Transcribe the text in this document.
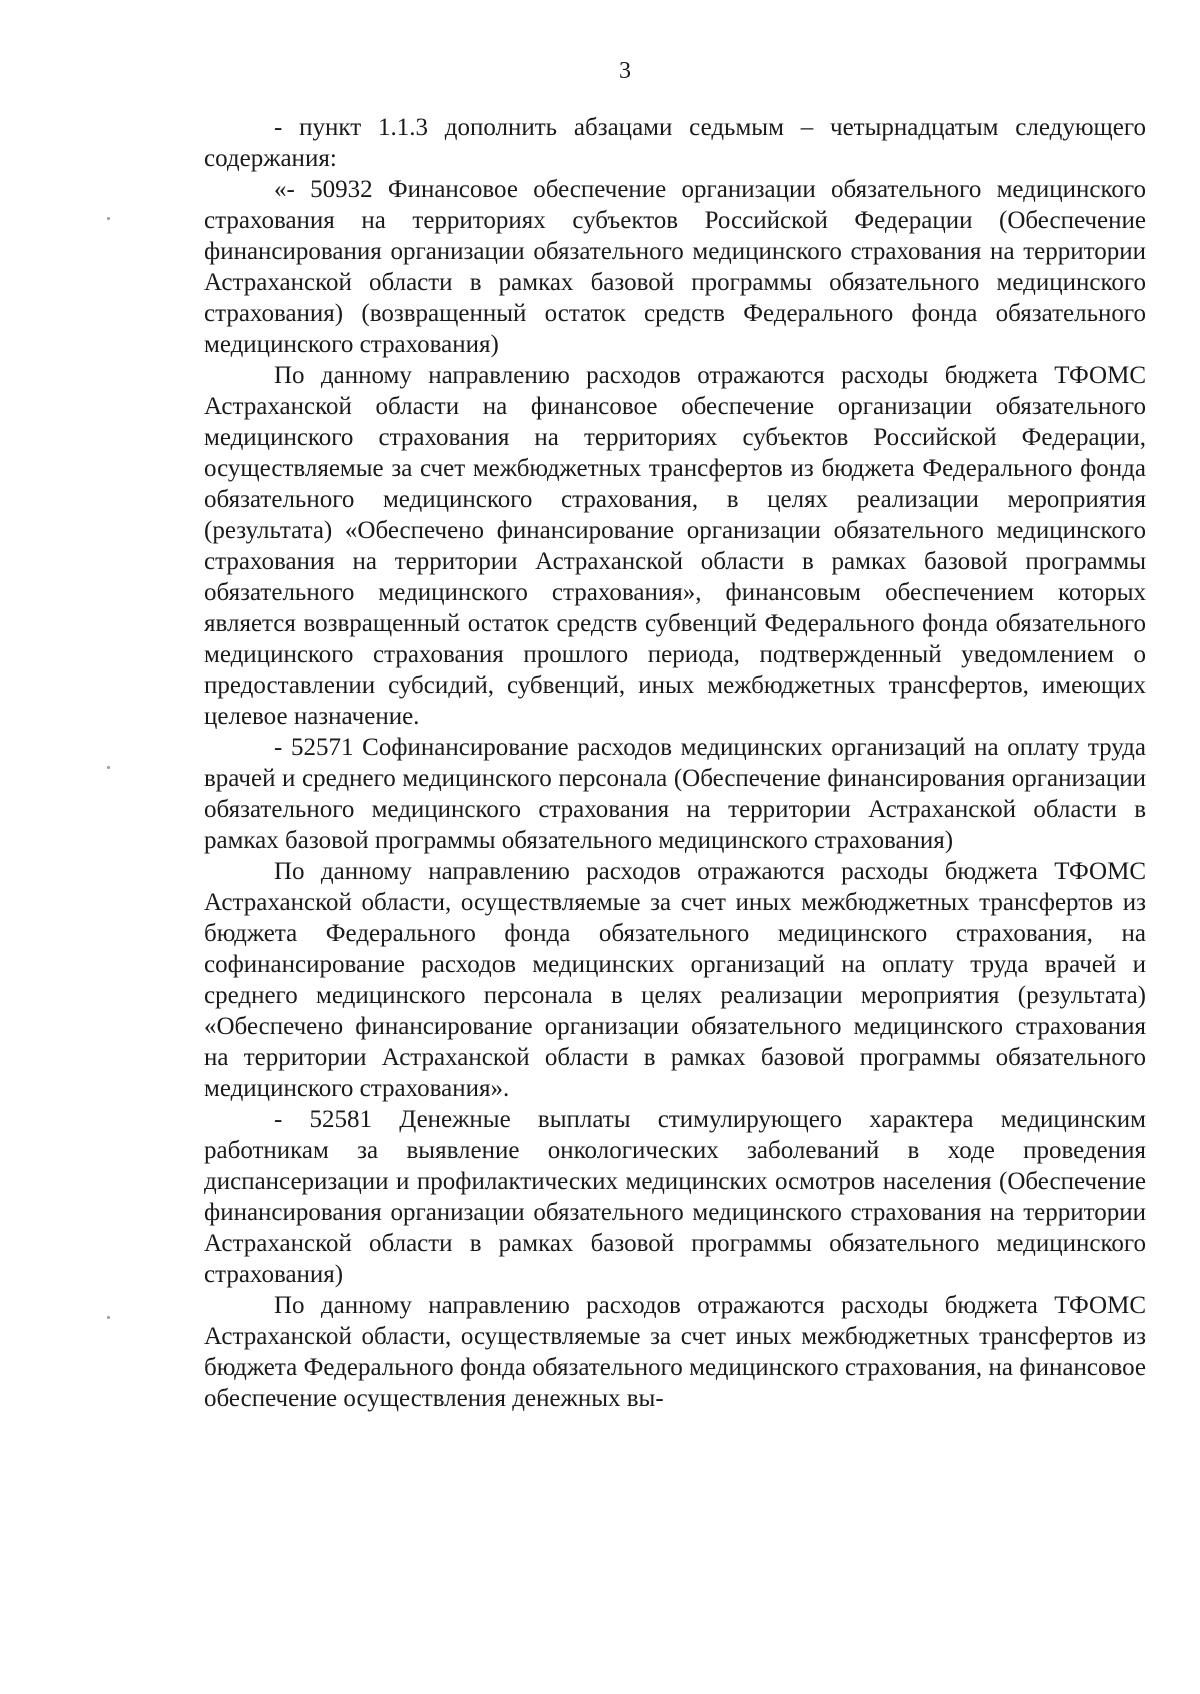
3

- пункт 1.1.3 дополнить абзацами седьмым – четырнадцатым следующего содержания:

«- 50932 Финансовое обеспечение организации обязательного медицинского страхования на территориях субъектов Российской Федерации (Обеспечение финансирования организации обязательного медицинского страхования на территории Астраханской области в рамках базовой программы обязательного медицинского страхования) (возвращенный остаток средств Федерального фонда обязательного медицинского страхования)

По данному направлению расходов отражаются расходы бюджета ТФОМС Астраханской области на финансовое обеспечение организации обязательного медицинского страхования на территориях субъектов Российской Федерации, осуществляемые за счет межбюджетных трансфертов из бюджета Федерального фонда обязательного медицинского страхования, в целях реализации мероприятия (результата) «Обеспечено финансирование организации обязательного медицинского страхования на территории Астраханской области в рамках базовой программы обязательного медицинского страхования», финансовым обеспечением которых является возвращенный остаток средств субвенций Федерального фонда обязательного медицинского страхования прошлого периода, подтвержденный уведомлением о предоставлении субсидий, субвенций, иных межбюджетных трансфертов, имеющих целевое назначение.

- 52571 Софинансирование расходов медицинских организаций на оплату труда врачей и среднего медицинского персонала (Обеспечение финансирования организации обязательного медицинского страхования на территории Астраханской области в рамках базовой программы обязательного медицинского страхования)

По данному направлению расходов отражаются расходы бюджета ТФОМС Астраханской области, осуществляемые за счет иных межбюджетных трансфертов из бюджета Федерального фонда обязательного медицинского страхования, на софинансирование расходов медицинских организаций на оплату труда врачей и среднего медицинского персонала в целях реализации мероприятия (результата) «Обеспечено финансирование организации обязательного медицинского страхования на территории Астраханской области в рамках базовой программы обязательного медицинского страхования».

- 52581 Денежные выплаты стимулирующего характера медицинским работникам за выявление онкологических заболеваний в ходе проведения диспансеризации и профилактических медицинских осмотров населения (Обеспечение финансирования организации обязательного медицинского страхования на территории Астраханской области в рамках базовой программы обязательного медицинского страхования)

По данному направлению расходов отражаются расходы бюджета ТФОМС Астраханской области, осуществляемые за счет иных межбюджетных трансфертов из бюджета Федерального фонда обязательного медицинского страхования, на финансовое обеспечение осуществления денежных вы-
